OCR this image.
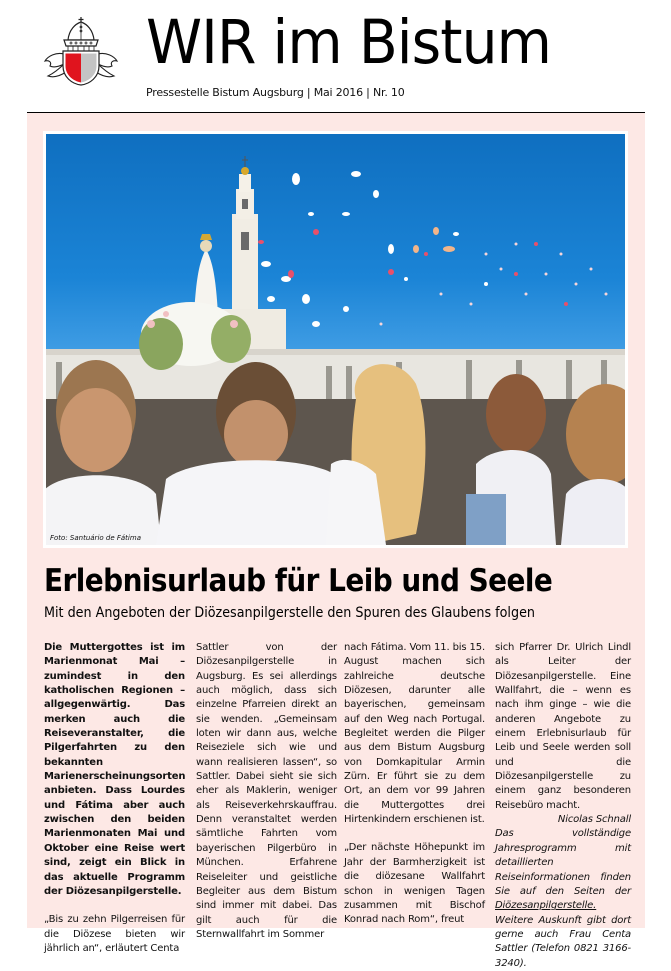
WIR im Bistum
Pressestelle Bistum Augsburg | Mai 2016 | Nr. 10
Foto: Santuário de Fátima
Erlebnisurlaub für Leib und Seele
Mit den Angeboten der Diözesanpilgerstelle den Spuren des Glaubens folgen

Die Muttergottes ist im Marienmonat Mai – zumindest in den katholischen Regionen – allgegenwärtig. Das merken auch die Reiseveranstalter, die Pilgerfahrten zu den bekannten Marienerscheinungsorten anbieten. Dass Lourdes und Fátima aber auch zwischen den beiden Marienmonaten Mai und Oktober eine Reise wert sind, zeigt ein Blick in das aktuelle Programm der Diözesanpilgerstelle.

„Bis zu zehn Pilgerreisen für die Diözese bieten wir jährlich an“, erläutert Centa

Sattler von der Diözesanpilgerstelle in Augsburg. Es sei allerdings auch möglich, dass sich einzelne Pfarreien direkt an sie wenden. „Gemeinsam loten wir dann aus, welche Reiseziele sich wie und wann realisieren lassen“, so Sattler. Dabei sieht sie sich eher als Maklerin, weniger als Reiseverkehrskauffrau. Denn veranstaltet werden sämtliche Fahrten vom bayerischen Pilgerbüro in München. Erfahrene Reiseleiter und geistliche Begleiter aus dem Bistum sind immer mit dabei. Das gilt auch für die Sternwallfahrt im Sommer

nach Fátima. Vom 11. bis 15. August machen sich zahlreiche deutsche Diözesen, darunter alle bayerischen, gemeinsam auf den Weg nach Portugal. Begleitet werden die Pilger aus dem Bistum Augsburg von Domkapitular Armin Zürn. Er führt sie zu dem Ort, an dem vor 99 Jahren die Muttergottes drei Hirtenkindern erschienen ist.

„Der nächste Höhepunkt im Jahr der Barmherzigkeit ist die diözesane Wallfahrt schon in wenigen Tagen zusammen mit Bischof Konrad nach Rom“, freut

sich Pfarrer Dr. Ulrich Lindl als Leiter der Diözesanpilgerstelle. Eine Wallfahrt, die – wenn es nach ihm ginge – wie die anderen Angebote zu einem Erlebnisurlaub für Leib und Seele werden soll und die Diözesanpilgerstelle zu einem ganz besonderen Reisebüro macht.
Nicolas Schnall

Das vollständige Jahresprogramm mit detaillierten Reiseinformationen finden Sie auf den Seiten der Diözesanpilgerstelle. Weitere Auskunft gibt dort gerne auch Frau Centa Sattler (Telefon 0821 3166-3240).
